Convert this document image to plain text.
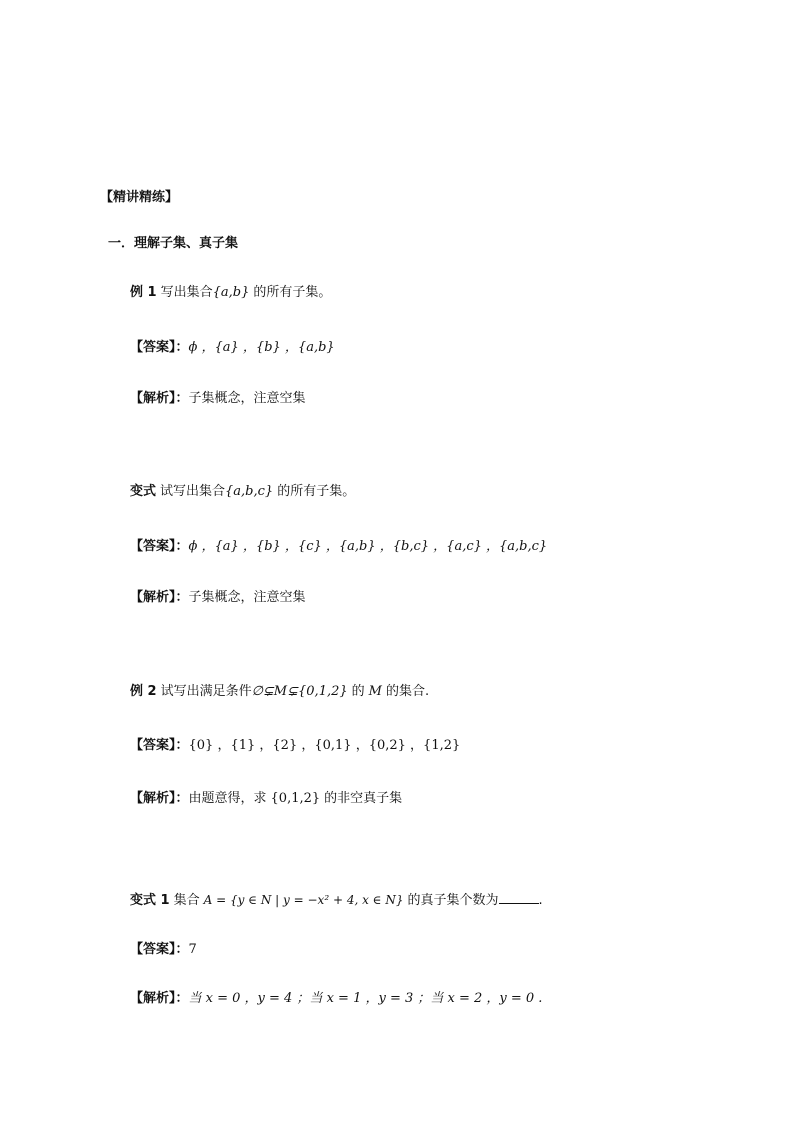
【精讲精练】
一．理解子集、真子集
例 1 写出集合{a,b} 的所有子集。
【答案】：ϕ ，{a} ，{b} ，{a,b}
【解析】：子集概念，注意空集
变式 试写出集合{a,b,c} 的所有子集。
【答案】：ϕ ，{a} ，{b} ，{c} ，{a,b} ，{b,c} ，{a,c} ，{a,b,c}
【解析】：子集概念，注意空集
例 2 试写出满足条件∅⊊M⊊{0,1,2} 的 M 的集合.
【答案】：{0} ，{1} ，{2} ，{0,1} ，{0,2} ，{1,2}
【解析】：由题意得，求 {0,1,2} 的非空真子集
变式 1 集合 A = {y ∈ N | y = −x² + 4, x ∈ N} 的真子集个数为	.
【答案】：7
【解析】：当 x = 0 ，y = 4 ；当 x = 1 ，y = 3 ；当 x = 2 ，y = 0 .
